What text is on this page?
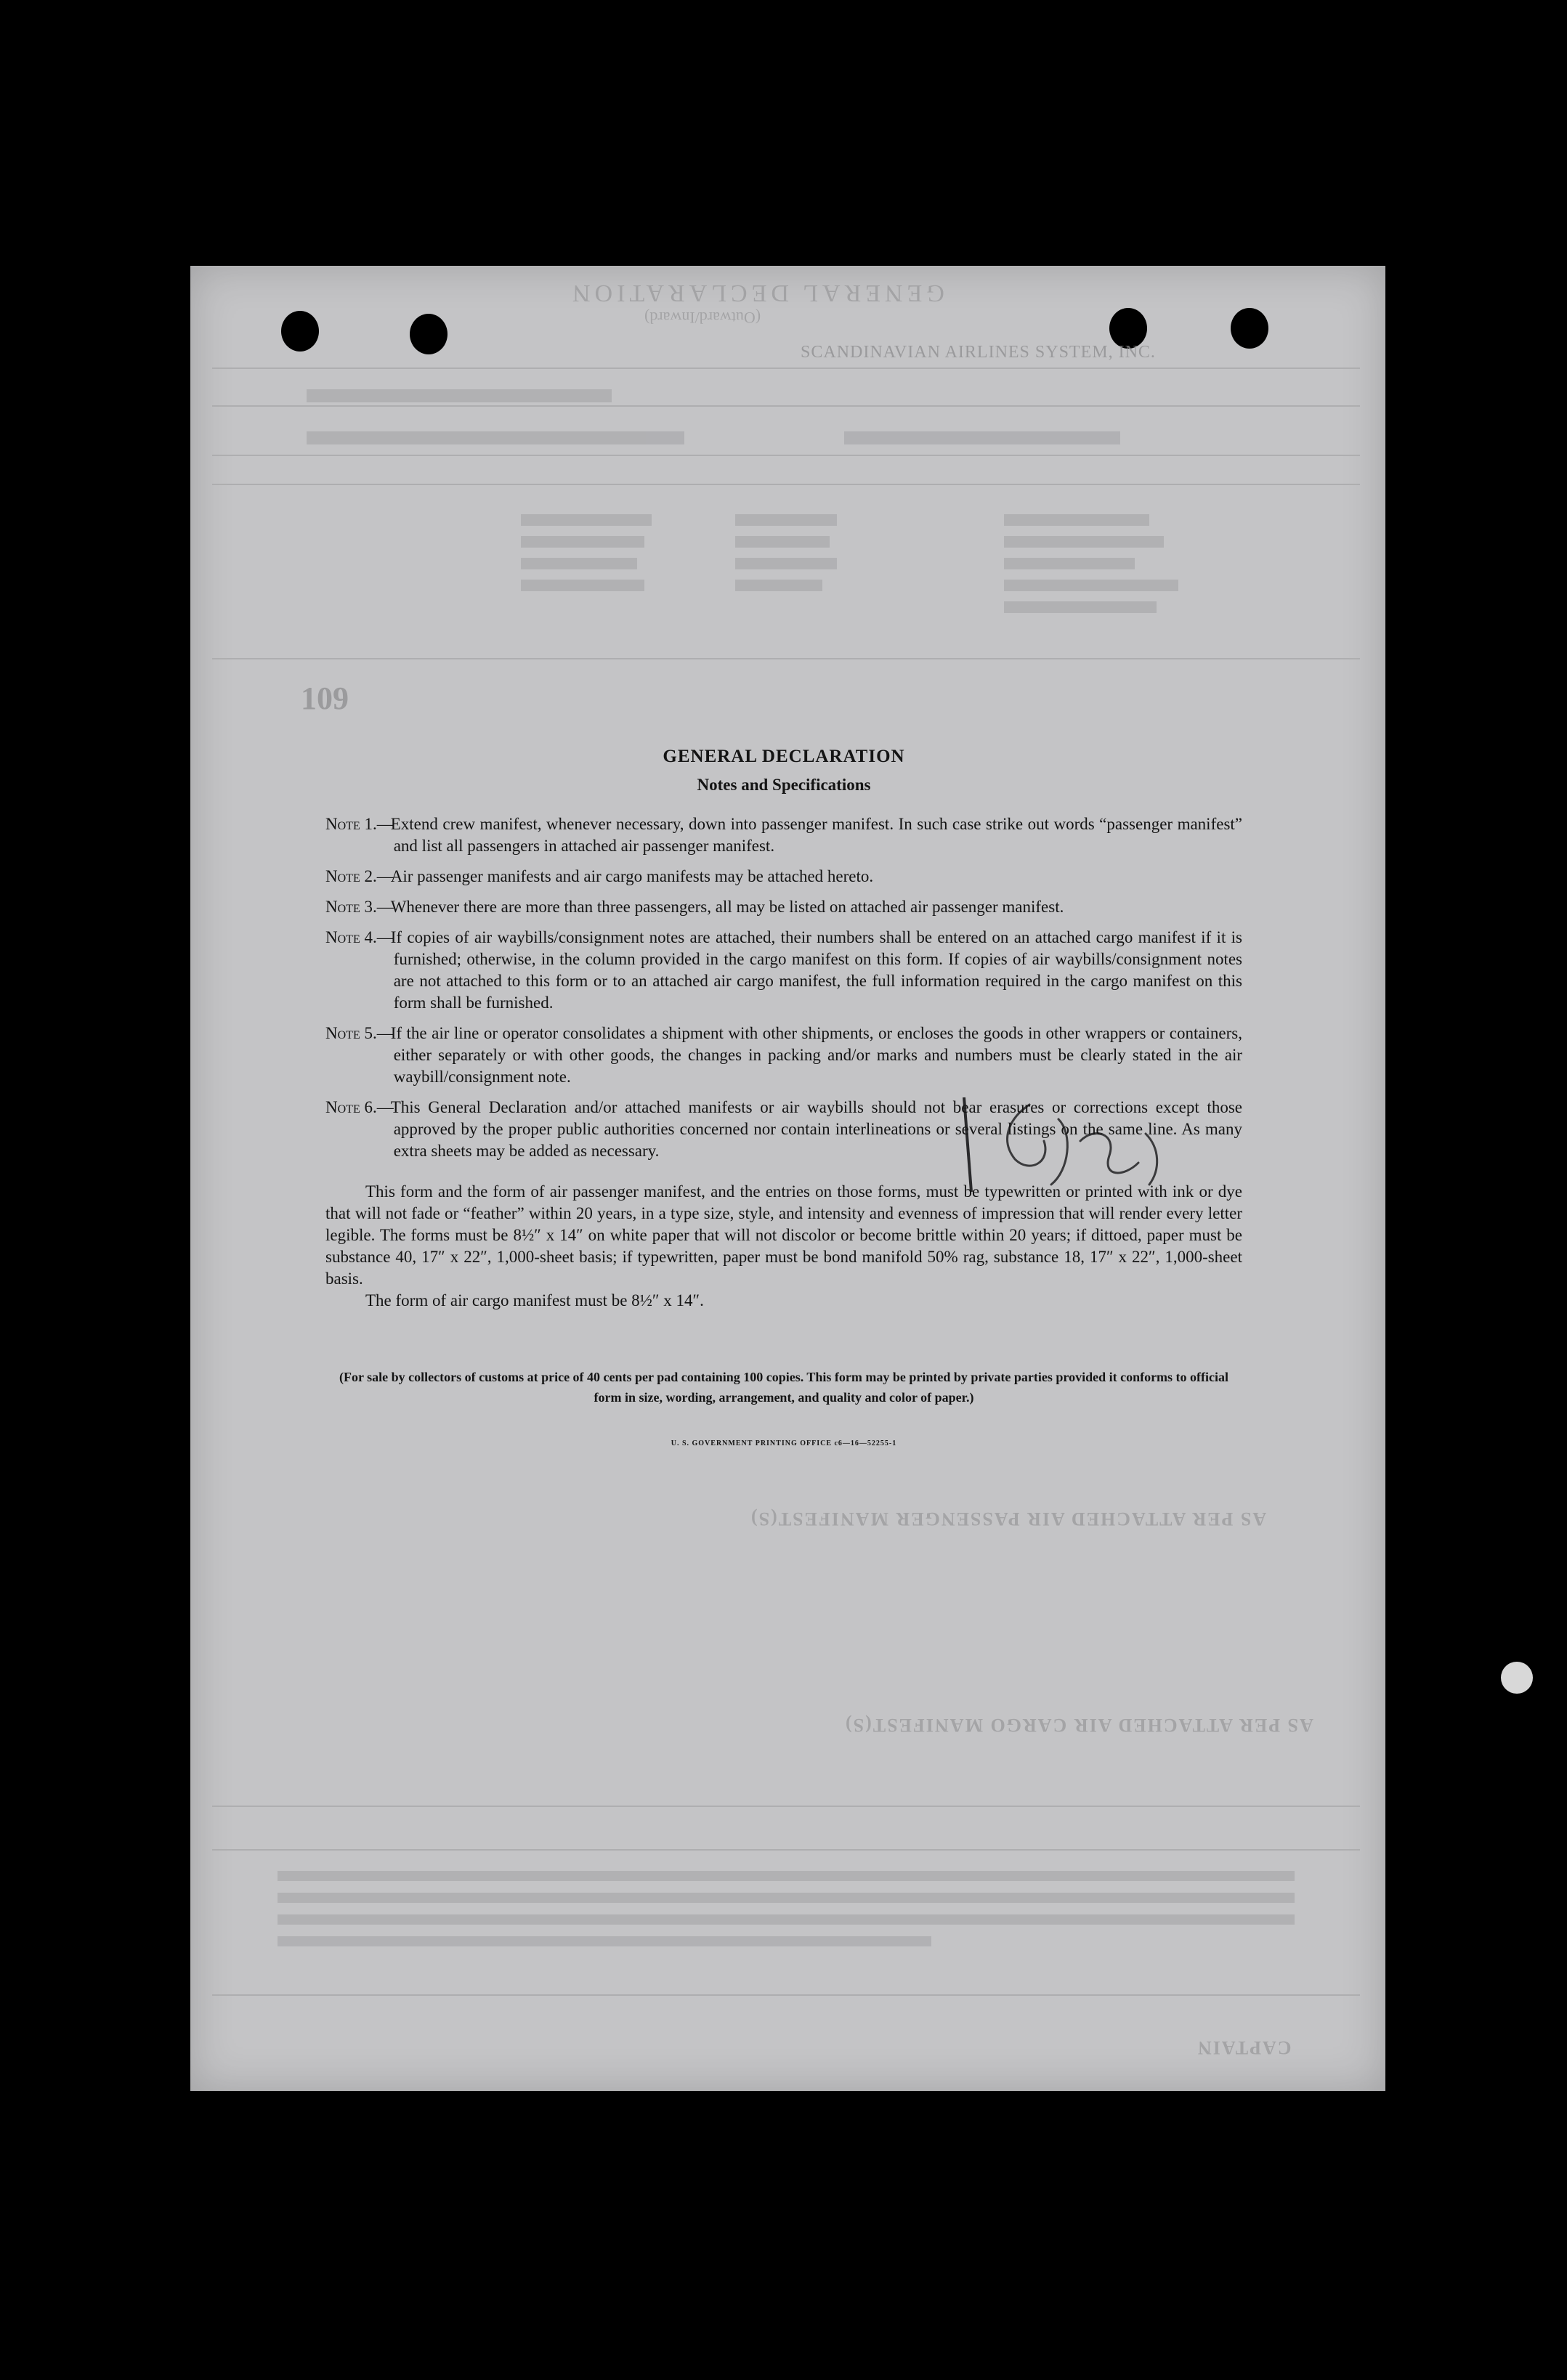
GENERAL DECLARATION
(Outward/Inward)
SCANDINAVIAN AIRLINES SYSTEM, INC.
109
AS PER ATTACHED AIR PASSENGER MANIFEST(S)
AS PER ATTACHED AIR CARGO MANIFEST(S)
CAPTAIN
GENERAL DECLARATION
Notes and Specifications
Note 1.—
Extend crew manifest, whenever necessary, down into passenger manifest. In such case strike out words “passenger manifest” and list all passengers in attached air passenger manifest.
Note 2.—
Air passenger manifests and air cargo manifests may be attached hereto.
Note 3.—
Whenever there are more than three passengers, all may be listed on attached air passenger manifest.
Note 4.—
If copies of air waybills/consignment notes are attached, their numbers shall be entered on an attached cargo manifest if it is furnished; otherwise, in the column provided in the cargo manifest on this form. If copies of air waybills/consignment notes are not attached to this form or to an attached air cargo manifest, the full information required in the cargo manifest on this form shall be furnished.
Note 5.—
If the air line or operator consolidates a shipment with other shipments, or encloses the goods in other wrappers or containers, either separately or with other goods, the changes in packing and/or marks and numbers must be clearly stated in the air waybill/consignment note.
Note 6.—
This General Declaration and/or attached manifests or air waybills should not bear erasures or corrections except those approved by the proper public authorities concerned nor contain interlineations or several listings on the same line. As many extra sheets may be added as necessary.
This form and the form of air passenger manifest, and the entries on those forms, must be typewritten or printed with ink or dye that will not fade or “feather” within 20 years, in a type size, style, and intensity and evenness of impression that will render every letter legible. The forms must be 8½″ x 14″ on white paper that will not discolor or become brittle within 20 years; if dittoed, paper must be substance 40, 17″ x 22″, 1,000-sheet basis; if typewritten, paper must be bond manifold 50% rag, substance 18, 17″ x 22″, 1,000-sheet basis.
The form of air cargo manifest must be 8½″ x 14″.
(For sale by collectors of customs at price of 40 cents per pad containing 100 copies. This form may be printed by private parties provided it conforms to official form in size, wording, arrangement, and quality and color of paper.)
U. S. GOVERNMENT PRINTING OFFICE c6—16—52255-1
